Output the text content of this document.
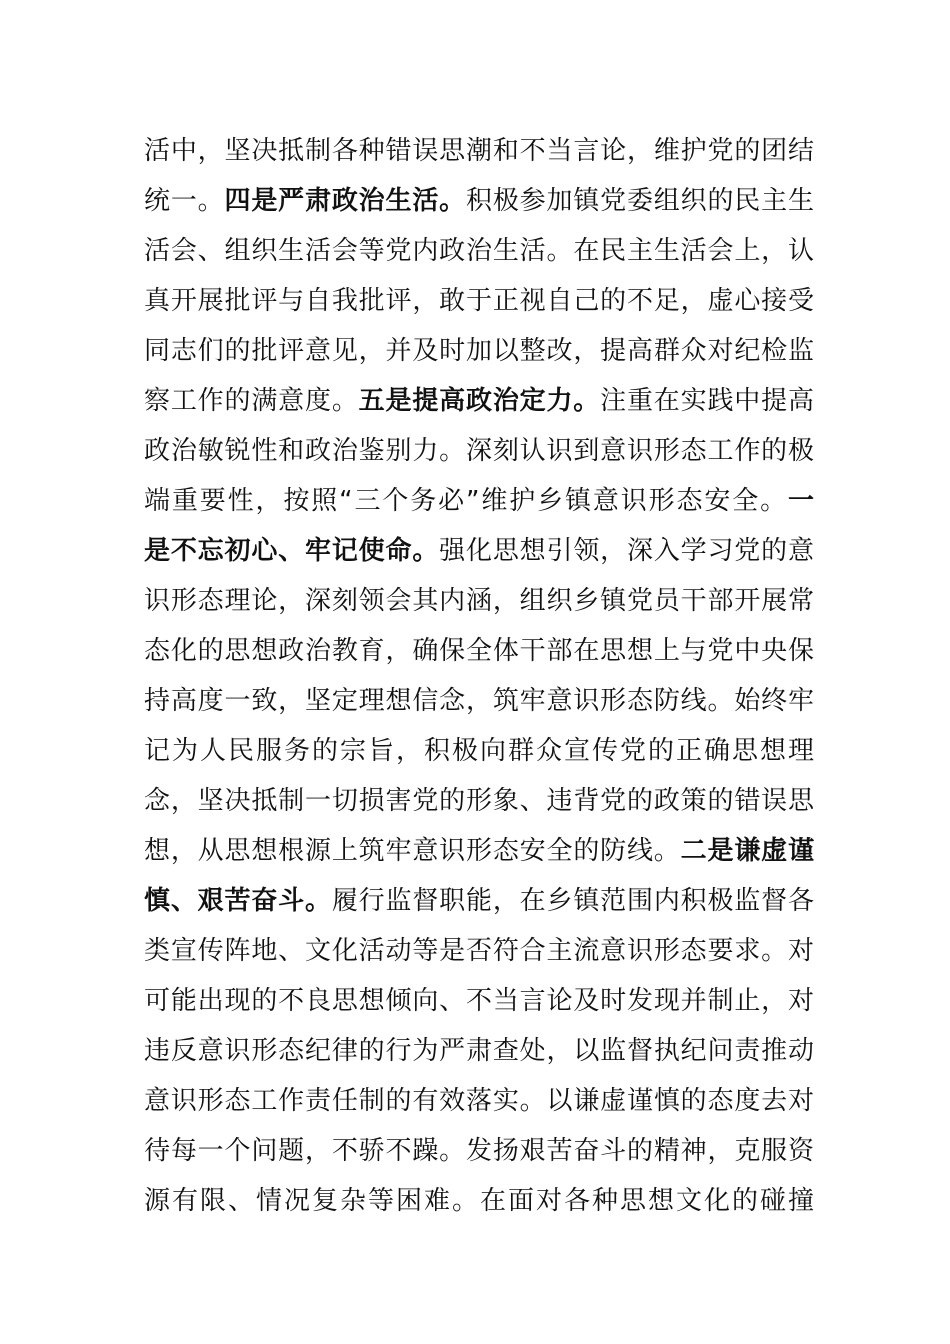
活中，坚决抵制各种错误思潮和不当言论，维护党的团结
统一。四是严肃政治生活。积极参加镇党委组织的民主生
活会、组织生活会等党内政治生活。在民主生活会上，认
真开展批评与自我批评，敢于正视自己的不足，虚心接受
同志们的批评意见，并及时加以整改，提高群众对纪检监
察工作的满意度。五是提高政治定力。注重在实践中提高
政治敏锐性和政治鉴别力。深刻认识到意识形态工作的极
端重要性，按照“三个务必”维护乡镇意识形态安全。一
是不忘初心、牢记使命。强化思想引领，深入学习党的意
识形态理论，深刻领会其内涵，组织乡镇党员干部开展常
态化的思想政治教育，确保全体干部在思想上与党中央保
持高度一致，坚定理想信念，筑牢意识形态防线。始终牢
记为人民服务的宗旨，积极向群众宣传党的正确思想理
念，坚决抵制一切损害党的形象、违背党的政策的错误思
想，从思想根源上筑牢意识形态安全的防线。二是谦虚谨
慎、艰苦奋斗。履行监督职能，在乡镇范围内积极监督各
类宣传阵地、文化活动等是否符合主流意识形态要求。对
可能出现的不良思想倾向、不当言论及时发现并制止，对
违反意识形态纪律的行为严肃查处，以监督执纪问责推动
意识形态工作责任制的有效落实。以谦虚谨慎的态度去对
待每一个问题，不骄不躁。发扬艰苦奋斗的精神，克服资
源有限、情况复杂等困难。在面对各种思想文化的碰撞
